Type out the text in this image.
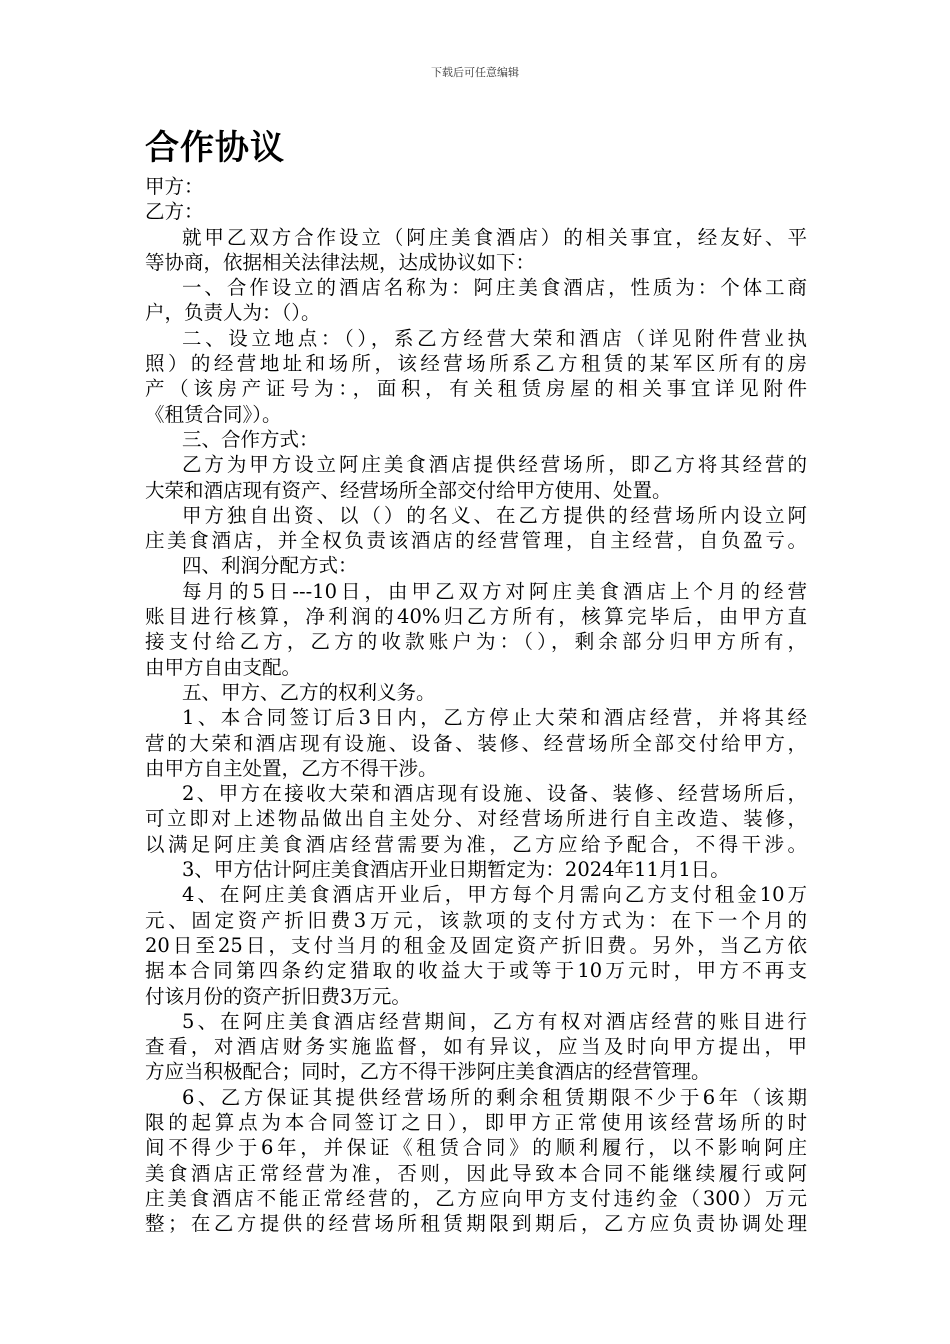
下载后可任意编辑
合作协议
甲方：
乙方：
就甲乙双方合作设立（阿庄美食酒店）的相关事宜，经友好、平
等协商，依据相关法律法规，达成协议如下：
一、合作设立的酒店名称为：阿庄美食酒店，性质为：个体工商
户，负责人为：（）。
二、设立地点：（），系乙方经营大荣和酒店（详见附件营业执
照）的经营地址和场所，该经营场所系乙方租赁的某军区所有的房
产（该房产证号为：，面积，有关租赁房屋的相关事宜详见附件
《租赁合同》）。
三、合作方式：
乙方为甲方设立阿庄美食酒店提供经营场所，即乙方将其经营的
大荣和酒店现有资产、经营场所全部交付给甲方使用、处置。
甲方独自出资、以（）的名义、在乙方提供的经营场所内设立阿
庄美食酒店，并全权负责该酒店的经营管理，自主经营，自负盈亏。
四、利润分配方式：
每月的5日---10日，由甲乙双方对阿庄美食酒店上个月的经营
账目进行核算，净利润的40%归乙方所有，核算完毕后，由甲方直
接支付给乙方，乙方的收款账户为：（），剩余部分归甲方所有，
由甲方自由支配。
五、甲方、乙方的权利义务。
1、本合同签订后3日内，乙方停止大荣和酒店经营，并将其经
营的大荣和酒店现有设施、设备、装修、经营场所全部交付给甲方，
由甲方自主处置，乙方不得干涉。
2、甲方在接收大荣和酒店现有设施、设备、装修、经营场所后，
可立即对上述物品做出自主处分、对经营场所进行自主改造、装修，
以满足阿庄美食酒店经营需要为准，乙方应给予配合，不得干涉。
3、甲方估计阿庄美食酒店开业日期暂定为：2024年11月1日。
4、在阿庄美食酒店开业后，甲方每个月需向乙方支付租金10万
元、固定资产折旧费3万元，该款项的支付方式为：在下一个月的
20日至25日，支付当月的租金及固定资产折旧费。另外，当乙方依
据本合同第四条约定猎取的收益大于或等于10万元时，甲方不再支
付该月份的资产折旧费3万元。
5、在阿庄美食酒店经营期间，乙方有权对酒店经营的账目进行
查看，对酒店财务实施监督，如有异议，应当及时向甲方提出，甲
方应当积极配合；同时，乙方不得干涉阿庄美食酒店的经营管理。
6、乙方保证其提供经营场所的剩余租赁期限不少于6年（该期
限的起算点为本合同签订之日），即甲方正常使用该经营场所的时
间不得少于6年，并保证《租赁合同》的顺利履行，以不影响阿庄
美食酒店正常经营为准，否则，因此导致本合同不能继续履行或阿
庄美食酒店不能正常经营的，乙方应向甲方支付违约金（300）万元
整；在乙方提供的经营场所租赁期限到期后，乙方应负责协调处理
